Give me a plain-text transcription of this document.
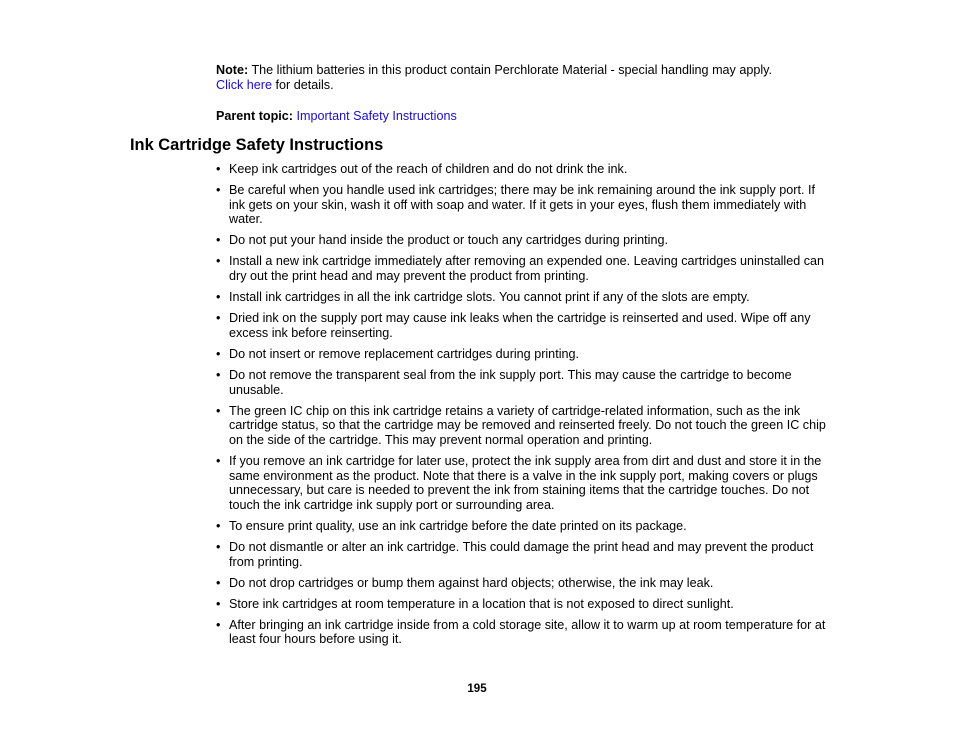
Note: The lithium batteries in this product contain Perchlorate Material - special handling may apply.
Click here for details.
Parent topic: Important Safety Instructions
Ink Cartridge Safety Instructions
• Keep ink cartridges out of the reach of children and do not drink the ink.
• Be careful when you handle used ink cartridges; there may be ink remaining around the ink supply port. If ink gets on your skin, wash it off with soap and water. If it gets in your eyes, flush them immediately with water.
• Do not put your hand inside the product or touch any cartridges during printing.
• Install a new ink cartridge immediately after removing an expended one. Leaving cartridges uninstalled can dry out the print head and may prevent the product from printing.
• Install ink cartridges in all the ink cartridge slots. You cannot print if any of the slots are empty.
• Dried ink on the supply port may cause ink leaks when the cartridge is reinserted and used. Wipe off any excess ink before reinserting.
• Do not insert or remove replacement cartridges during printing.
• Do not remove the transparent seal from the ink supply port. This may cause the cartridge to become unusable.
• The green IC chip on this ink cartridge retains a variety of cartridge-related information, such as the ink cartridge status, so that the cartridge may be removed and reinserted freely. Do not touch the green IC chip on the side of the cartridge. This may prevent normal operation and printing.
• If you remove an ink cartridge for later use, protect the ink supply area from dirt and dust and store it in the same environment as the product. Note that there is a valve in the ink supply port, making covers or plugs unnecessary, but care is needed to prevent the ink from staining items that the cartridge touches. Do not touch the ink cartridge ink supply port or surrounding area.
• To ensure print quality, use an ink cartridge before the date printed on its package.
• Do not dismantle or alter an ink cartridge. This could damage the print head and may prevent the product from printing.
• Do not drop cartridges or bump them against hard objects; otherwise, the ink may leak.
• Store ink cartridges at room temperature in a location that is not exposed to direct sunlight.
• After bringing an ink cartridge inside from a cold storage site, allow it to warm up at room temperature for at least four hours before using it.
195
